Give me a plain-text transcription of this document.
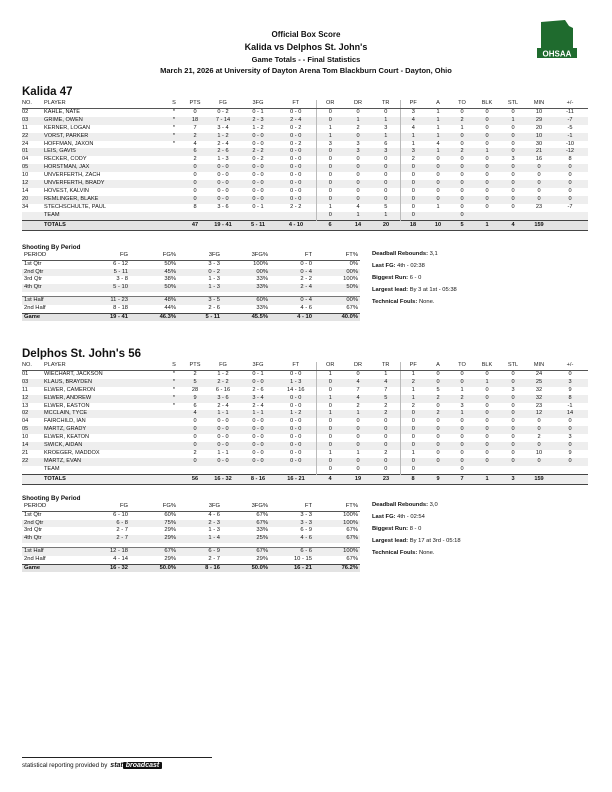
OHSAA
Official Box Score
Kalida vs Delphos St. John's
Game Totals - - Final Statistics
March 21, 2026 at University of Dayton Arena Tom Blackburn Court - Dayton, Ohio
Kalida 47
NO.	PLAYER	S	PTS	FG	3FG	FT	OR	DR	TR	PF	A	TO	BLK	STL	MIN	+/-
02	KAHLE, NATE	*	0	0 - 2	0 - 1	0 - 0	0	0	0	3	1	0	0	0	10	-11
03	GRIME, OWEN	*	18	7 - 14	2 - 3	2 - 4	0	1	1	4	1	2	0	1	29	-7
11	KERNER, LOGAN	*	7	3 - 4	1 - 2	0 - 2	1	2	3	4	1	1	0	0	20	-5
22	VORST, PARKER	*	2	1 - 2	0 - 0	0 - 0	1	0	1	1	1	0	0	0	10	-1
24	HOFFMAN, JAXON	*	4	2 - 4	0 - 0	0 - 2	3	3	6	1	4	0	0	0	30	-10
01	LEIS, GAVIS		6	2 - 6	2 - 2	0 - 0	0	3	3	3	1	2	1	0	21	-12
04	RECKER, CODY		2	1 - 3	0 - 2	0 - 0	0	0	0	2	0	0	0	3	16	8
05	HORSTMAN, JAX		0	0 - 0	0 - 0	0 - 0	0	0	0	0	0	0	0	0	0	0
10	UNVERFERTH, ZACH		0	0 - 0	0 - 0	0 - 0	0	0	0	0	0	0	0	0	0	0
12	UNVERFERTH, BRADY		0	0 - 0	0 - 0	0 - 0	0	0	0	0	0	0	0	0	0	0
14	HOVEST, KALVIN		0	0 - 0	0 - 0	0 - 0	0	0	0	0	0	0	0	0	0	0
20	REMLINGER, BLAKE		0	0 - 0	0 - 0	0 - 0	0	0	0	0	0	0	0	0	0	0
34	STECHSCHULTE, PAUL		8	3 - 6	0 - 1	2 - 2	1	4	5	0	1	0	0	0	23	-7
	TEAM						0	1	1	0		0				
	TOTALS		47	19 - 41	5 - 11	4 - 10	6	14	20	18	10	5	1	4	159	
Shooting By Period
PERIOD	FG	FG%	3FG	3FG%	FT	FT%
1st Qtr	6 - 12	50%	3 - 3	100%	0 - 0	0%
2nd Qtr	5 - 11	45%	0 - 2	00%	0 - 4	00%
3rd Qtr	3 - 8	38%	1 - 3	33%	2 - 2	100%
4th Qtr	5 - 10	50%	1 - 3	33%	2 - 4	50%

1st Half	11 - 23	48%	3 - 5	60%	0 - 4	00%
2nd Half	8 - 18	44%	2 - 6	33%	4 - 6	67%
Game	19 - 41	46.3%	5 - 11	45.5%	4 - 10	40.0%
Deadball Rebounds: 3,1
Last FG: 4th - 02:38
Biggest Run: 6 - 0
Largest lead: By 3 at 1st - 05:38
Technical Fouls: None.
Delphos St. John's 56
NO.	PLAYER	S	PTS	FG	3FG	FT	OR	DR	TR	PF	A	TO	BLK	STL	MIN	+/-
01	WIECHART, JACKSON	*	2	1 - 2	0 - 1	0 - 0	1	0	1	1	0	0	0	0	24	0
03	KLAUS, BRAYDEN	*	5	2 - 2	0 - 0	1 - 3	0	4	4	2	0	0	1	0	25	3
11	ELWER, CAMERON	*	28	6 - 16	2 - 6	14 - 16	0	7	7	1	5	1	0	3	32	9
12	ELWER, ANDREW	*	9	3 - 6	3 - 4	0 - 0	1	4	5	1	2	2	0	0	32	8
13	ELWER, EASTON	*	6	2 - 4	2 - 4	0 - 0	0	2	2	2	0	3	0	0	23	-1
02	MCCLAIN, TYCE		4	1 - 1	1 - 1	1 - 2	1	1	2	0	2	1	0	0	12	14
04	FAIRCHILD, IAN		0	0 - 0	0 - 0	0 - 0	0	0	0	0	0	0	0	0	0	0
05	MARTZ, GRADY		0	0 - 0	0 - 0	0 - 0	0	0	0	0	0	0	0	0	0	0
10	ELWER, KEATON		0	0 - 0	0 - 0	0 - 0	0	0	0	0	0	0	0	0	2	3
14	SWICK, AIDAN		0	0 - 0	0 - 0	0 - 0	0	0	0	0	0	0	0	0	0	0
21	KROEGER, MADDOX		2	1 - 1	0 - 0	0 - 0	1	1	2	1	0	0	0	0	10	9
22	MARTZ, EVAN		0	0 - 0	0 - 0	0 - 0	0	0	0	0	0	0	0	0	0	0
	TEAM						0	0	0	0		0				
	TOTALS		56	16 - 32	8 - 16	16 - 21	4	19	23	8	9	7	1	3	159	
Shooting By Period
PERIOD	FG	FG%	3FG	3FG%	FT	FT%
1st Qtr	6 - 10	60%	4 - 6	67%	3 - 3	100%
2nd Qtr	6 - 8	75%	2 - 3	67%	3 - 3	100%
3rd Qtr	2 - 7	29%	1 - 3	33%	6 - 9	67%
4th Qtr	2 - 7	29%	1 - 4	25%	4 - 6	67%

1st Half	12 - 18	67%	6 - 9	67%	6 - 6	100%
2nd Half	4 - 14	29%	2 - 7	29%	10 - 15	67%
Game	16 - 32	50.0%	8 - 16	50.0%	16 - 21	76.2%
Deadball Rebounds: 3,0
Last FG: 4th - 02:54
Biggest Run: 8 - 0
Largest lead: By 17 at 3rd - 05:18
Technical Fouls: None.
statistical reporting provided by stat broadcast
